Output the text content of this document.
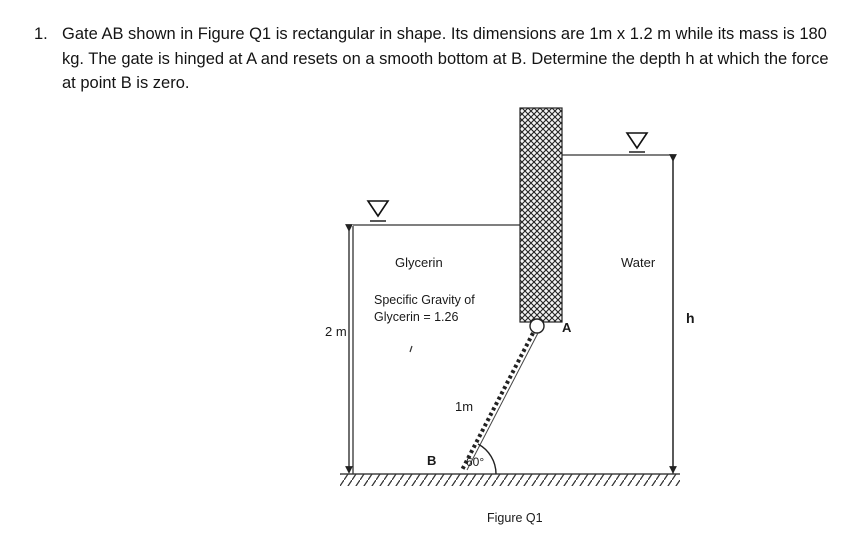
1. Gate AB shown in Figure Q1 is rectangular in shape. Its dimensions are 1m x 1.2 m while its mass is 180 kg. The gate is hinged at A and resets on a smooth bottom at B. Determine the depth h at which the force at point B is zero.
Glycerin
Specific Gravity of
Glycerin = 1.26
Water
2 m
h
A
B
1m
60°
Figure Q1
